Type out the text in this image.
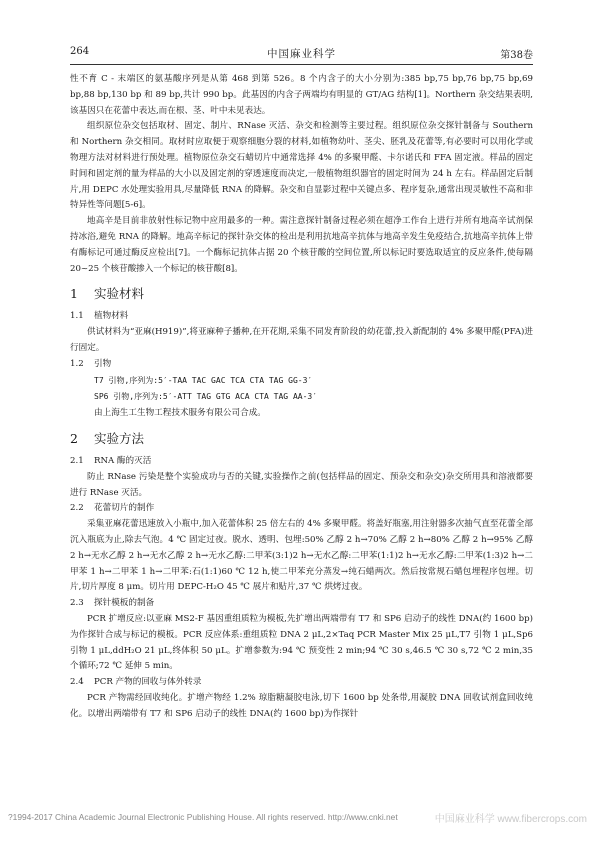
264	中国麻业科学	第38卷

性不育 C - 末端区的氨基酸序列是从第 468 到第 526。8 个内含子的大小分别为:385 bp,75 bp,76 bp,75 bp,69 bp,88 bp,130 bp 和 89 bp,共计 990 bp。此基因的内含子两端均有明显的 GT/AG 结构[1]。Northern 杂交结果表明,该基因只在花蕾中表达,而在根、茎、叶中未见表达。

组织原位杂交包括取材、固定、制片、RNase 灭活、杂交和检测等主要过程。组织原位杂交探针制备与 Southern 和 Northern 杂交相同。取材时应取便于观察细胞分裂的材料,如植物幼叶、茎尖、胚乳及花蕾等,有必要时可以用化学或物理方法对材料进行预处理。植物原位杂交石蜡切片中通常选择 4% 的多聚甲醛、卡尔诺氏和 FFA 固定液。样品的固定时间和固定剂的量为样品的大小以及固定剂的穿透速度而决定,一般植物组织器官的固定时间为 24 h 左右。样品固定后制片,用 DEPC 水处理实验用具,尽量降低 RNA 的降解。杂交和自显影过程中关键点多、程序复杂,通常出现灵敏性不高和非特异性等问题[5-6]。

地高辛是目前非放射性标记物中应用最多的一种。需注意探针制备过程必须在超净工作台上进行并所有地高辛试剂保持冰浴,避免 RNA 的降解。地高辛标记的探针杂交体的检出是利用抗地高辛抗体与地高辛发生免疫结合,抗地高辛抗体上带有酶标记可通过酶反应检出[7]。一个酶标记抗体占据 20 个核苷酸的空间位置,所以标记时要选取适宜的反应条件,使每隔 20~25 个核苷酸掺入一个标记的核苷酸[8]。

1 实验材料
1.1 植物材料

供试材料为“亚麻(H919)”,将亚麻种子播种,在开花期,采集不同发育阶段的幼花蕾,投入新配制的 4% 多聚甲醛(PFA)进行固定。

1.2 引物

T7 引物,序列为:5′-TAA TAC GAC TCA CTA TAG GG-3′

SP6 引物,序列为:5′-ATT TAG GTG ACA CTA TAG AA-3′

由上海生工生物工程技术服务有限公司合成。

2 实验方法
2.1 RNA 酶的灭活

防止 RNase 污染是整个实验成功与否的关键,实验操作之前(包括样品的固定、预杂交和杂交)杂交所用具和溶液都要进行 RNase 灭活。

2.2 花蕾切片的制作

采集亚麻花蕾迅速放入小瓶中,加入花蕾体积 25 倍左右的 4% 多聚甲醛。将盖好瓶塞,用注射器多次抽气直至花蕾全部沉入瓶底为止,除去气泡。4 ℃ 固定过夜。脱水、透明、包埋:50% 乙醇 2 h→70% 乙醇 2 h→80% 乙醇 2 h→95% 乙醇 2 h→无水乙醇 2 h→无水乙醇 2 h→无水乙醇:二甲苯(3:1)2 h→无水乙醇:二甲苯(1:1)2 h→无水乙醇:二甲苯(1:3)2 h→二甲苯 1 h→二甲苯 1 h→二甲苯:石(1:1)60 ℃ 12 h,使二甲苯充分蒸发→纯石蜡两次。然后按常规石蜡包埋程序包埋。切片,切片厚度 8 μm。切片用 DEPC-H₂O 45 ℃ 展片和贴片,37 ℃ 烘烤过夜。

2.3 探针模板的制备

PCR 扩增反应:以亚麻 MS2-F 基因重组质粒为模板,先扩增出两端带有 T7 和 SP6 启动子的线性 DNA(约 1600 bp)为作探针合成与标记的模板。PCR 反应体系:重组质粒 DNA 2 μL,2×Taq PCR Master Mix 25 μL,T7 引物 1 μL,Sp6 引物 1 μL,ddH₂O 21 μL,终体积 50 μL。扩增参数为:94 ℃ 预变性 2 min;94 ℃ 30 s,46.5 ℃ 30 s,72 ℃ 2 min,35 个循环;72 ℃ 延伸 5 min。

2.4 PCR 产物的回收与体外转录

PCR 产物需经回收纯化。扩增产物经 1.2% 琼脂糖凝胶电泳,切下 1600 bp 处条带,用凝胶 DNA 回收试剂盒回收纯化。以增出两端带有 T7 和 SP6 启动子的线性 DNA(约 1600 bp)为作探针

?1994-2017 China Academic Journal Electronic Publishing House. All rights reserved. http://www.cnki.net	中国麻业科学 www.fibercrops.com
